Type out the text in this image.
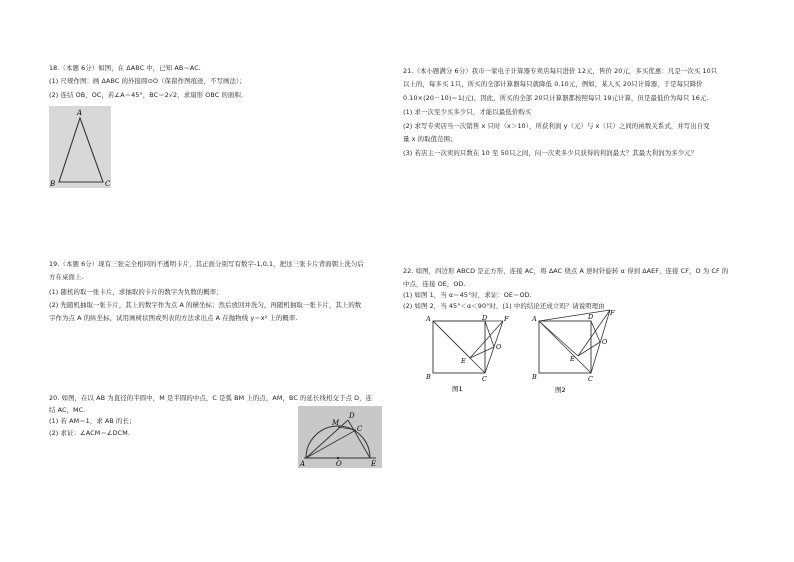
18.（本题 6分）如图，在 ΔABC 中，已知 AB＝AC.
(1) 尺规作图：画 ΔABC 的外接圆⊙O（保留作图痕迹，不写画法）；
(2) 连结 OB，OC，若∠A＝45°，BC＝2√2，求扇形 OBC 的面积.
A
B	C
19.（本题 6分）现有三张完全相同的不透明卡片，其正面分别写有数字-1,0,1，把这三张卡片背面朝上洗匀后
方在桌面上.
(1) 随机的取一张卡片，求抽取的卡片的数字为负数的概率；
(2) 先随机抽取一张卡片，其上的数字作为点 A 的横坐标；然后放回并洗匀，再随机抽取一张卡片，其上的数
字作为点 A 的纵坐标，试用画树状图或列表的方法求出点 A 在抛物线 y＝x² 上的概率.
20. 如图，在以 AB 为直径的半圆中，M 是半圆的中点，C 是弧 BM 上的点，AM，BC 的延长线相交于点 D，连
结 AC，MC.
(1) 若 AM＝1，求 AB 的长；
(2) 求证：∠ACM＝∠DCM.
A	O	E
M
C
D
21.（本小题满分 6分）我市一家电子计算器专卖店每只进价 12元，售价 20元，多买优惠：凡是一次买 10只
以上的，每多买 1只，所买的全部计算器每只就降低 0.10元，例如，某人买 20只计算器，于是每只降价
0.10×(20－10)＝1(元)，因此，所买的全部 20只计算器都按照每只 19元计算，但是最低价为每只 16元.
(1) 求一次至少买多少只，才能以最低价购买
(2) 求写专卖店当一次销售 x 只时（x＞10），所获利润 y（元）与 x（只）之间的函数关系式，并写出自变
量 x 的取值范围；
(3) 若店主一次卖的只数在 10 至 50只之间，问一次卖多少只获得的利润最大？其最大利润为多少元？
22. 如图，四边形 ABCD 是正方形，连接 AC，将 ΔAC 绕点 A 逆时针旋转 α 得到 ΔAEF，连接 CF，O 为 CF 的
中点，连接 OE，OD.
(1) 如图 1，当 α＝45°时，求证：OE＝OD.
(2) 如图 2，当 45°＜α＜90°时，(1) 中的结论还成立吗？请说明理由
A
B	C
D
E
F
O
图1
A
B	C
D
E
F
O
图2
